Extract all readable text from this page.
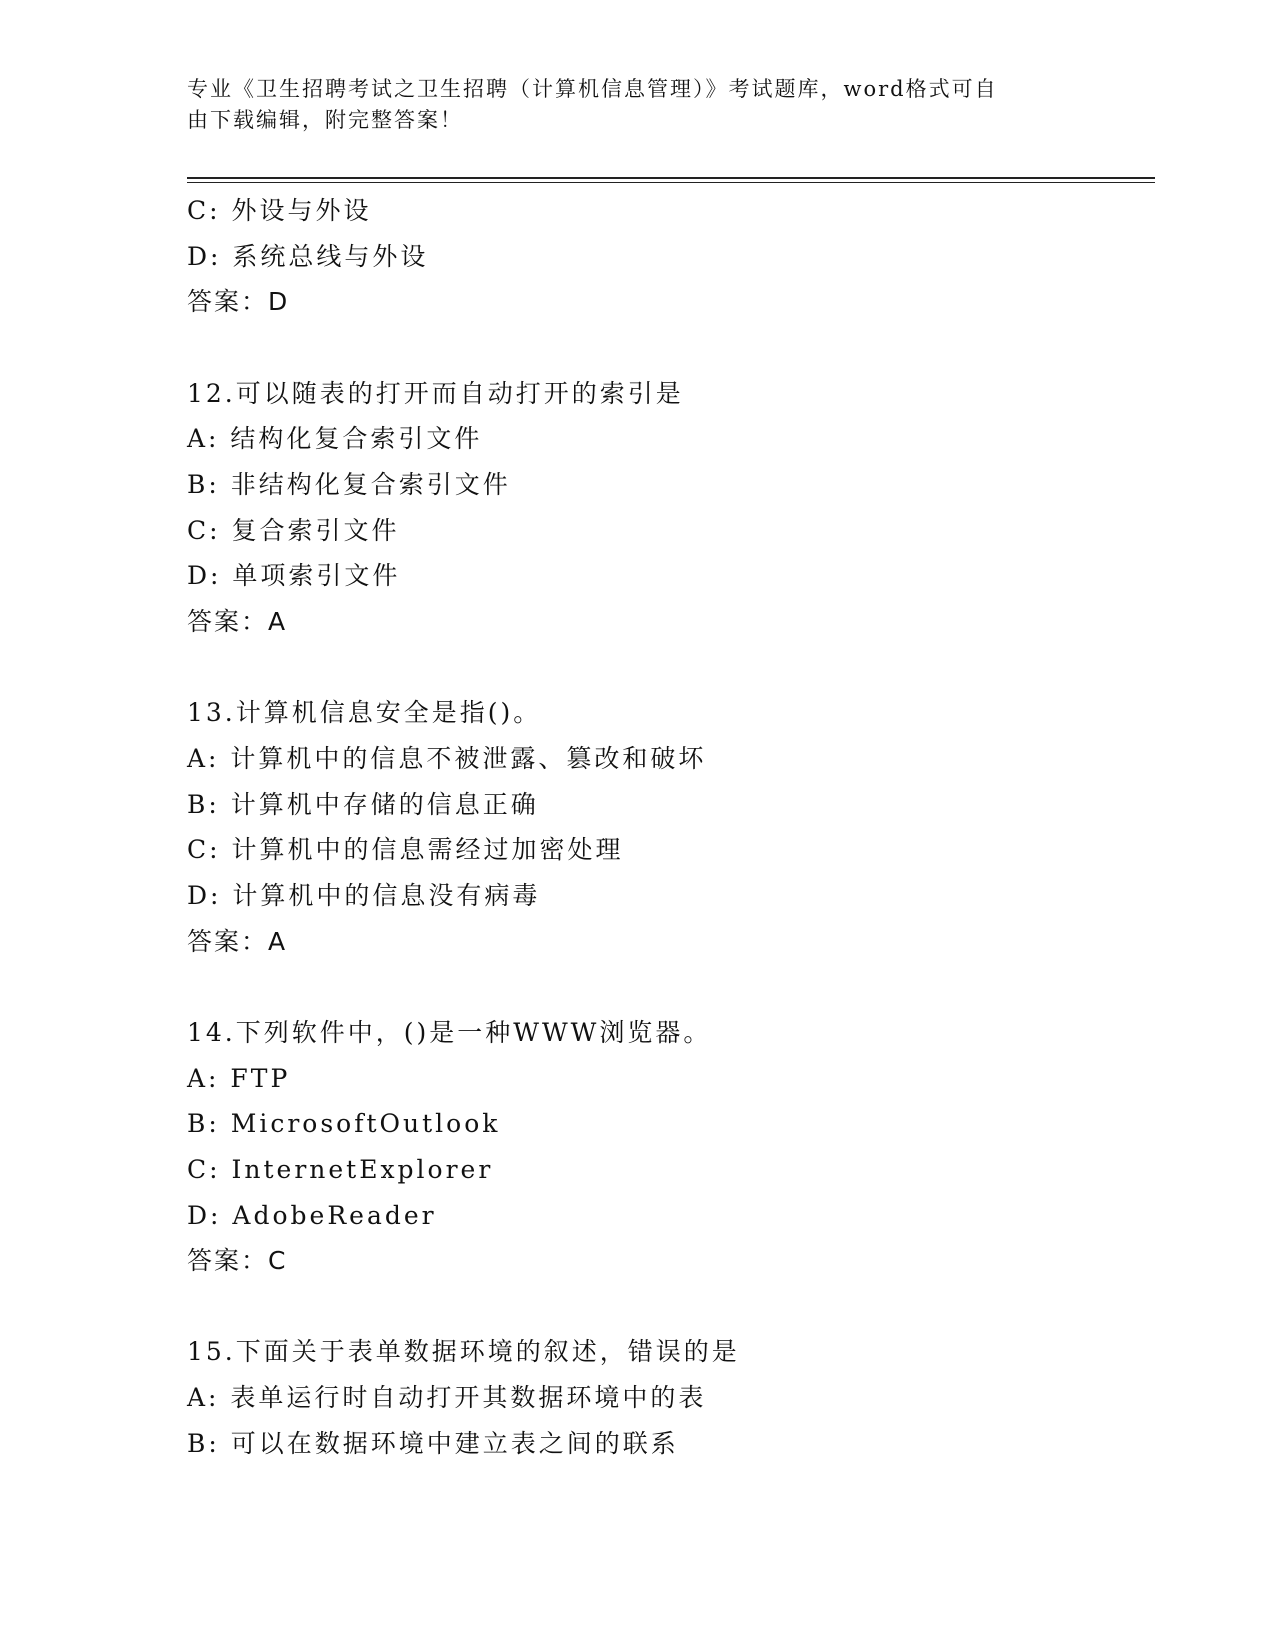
专业《卫生招聘考试之卫生招聘（计算机信息管理）》考试题库，word格式可自
由下载编辑，附完整答案！
C: 外设与外设
D: 系统总线与外设
答案：D
12.可以随表的打开而自动打开的索引是
A: 结构化复合索引文件
B: 非结构化复合索引文件
C: 复合索引文件
D: 单项索引文件
答案：A
13.计算机信息安全是指()。
A: 计算机中的信息不被泄露、篡改和破坏
B: 计算机中存储的信息正确
C: 计算机中的信息需经过加密处理
D: 计算机中的信息没有病毒
答案：A
14.下列软件中，()是一种WWW浏览器。
A: FTP
B: MicrosoftOutlook
C: InternetExplorer
D: AdobeReader
答案：C
15.下面关于表单数据环境的叙述，错误的是
A: 表单运行时自动打开其数据环境中的表
B: 可以在数据环境中建立表之间的联系
